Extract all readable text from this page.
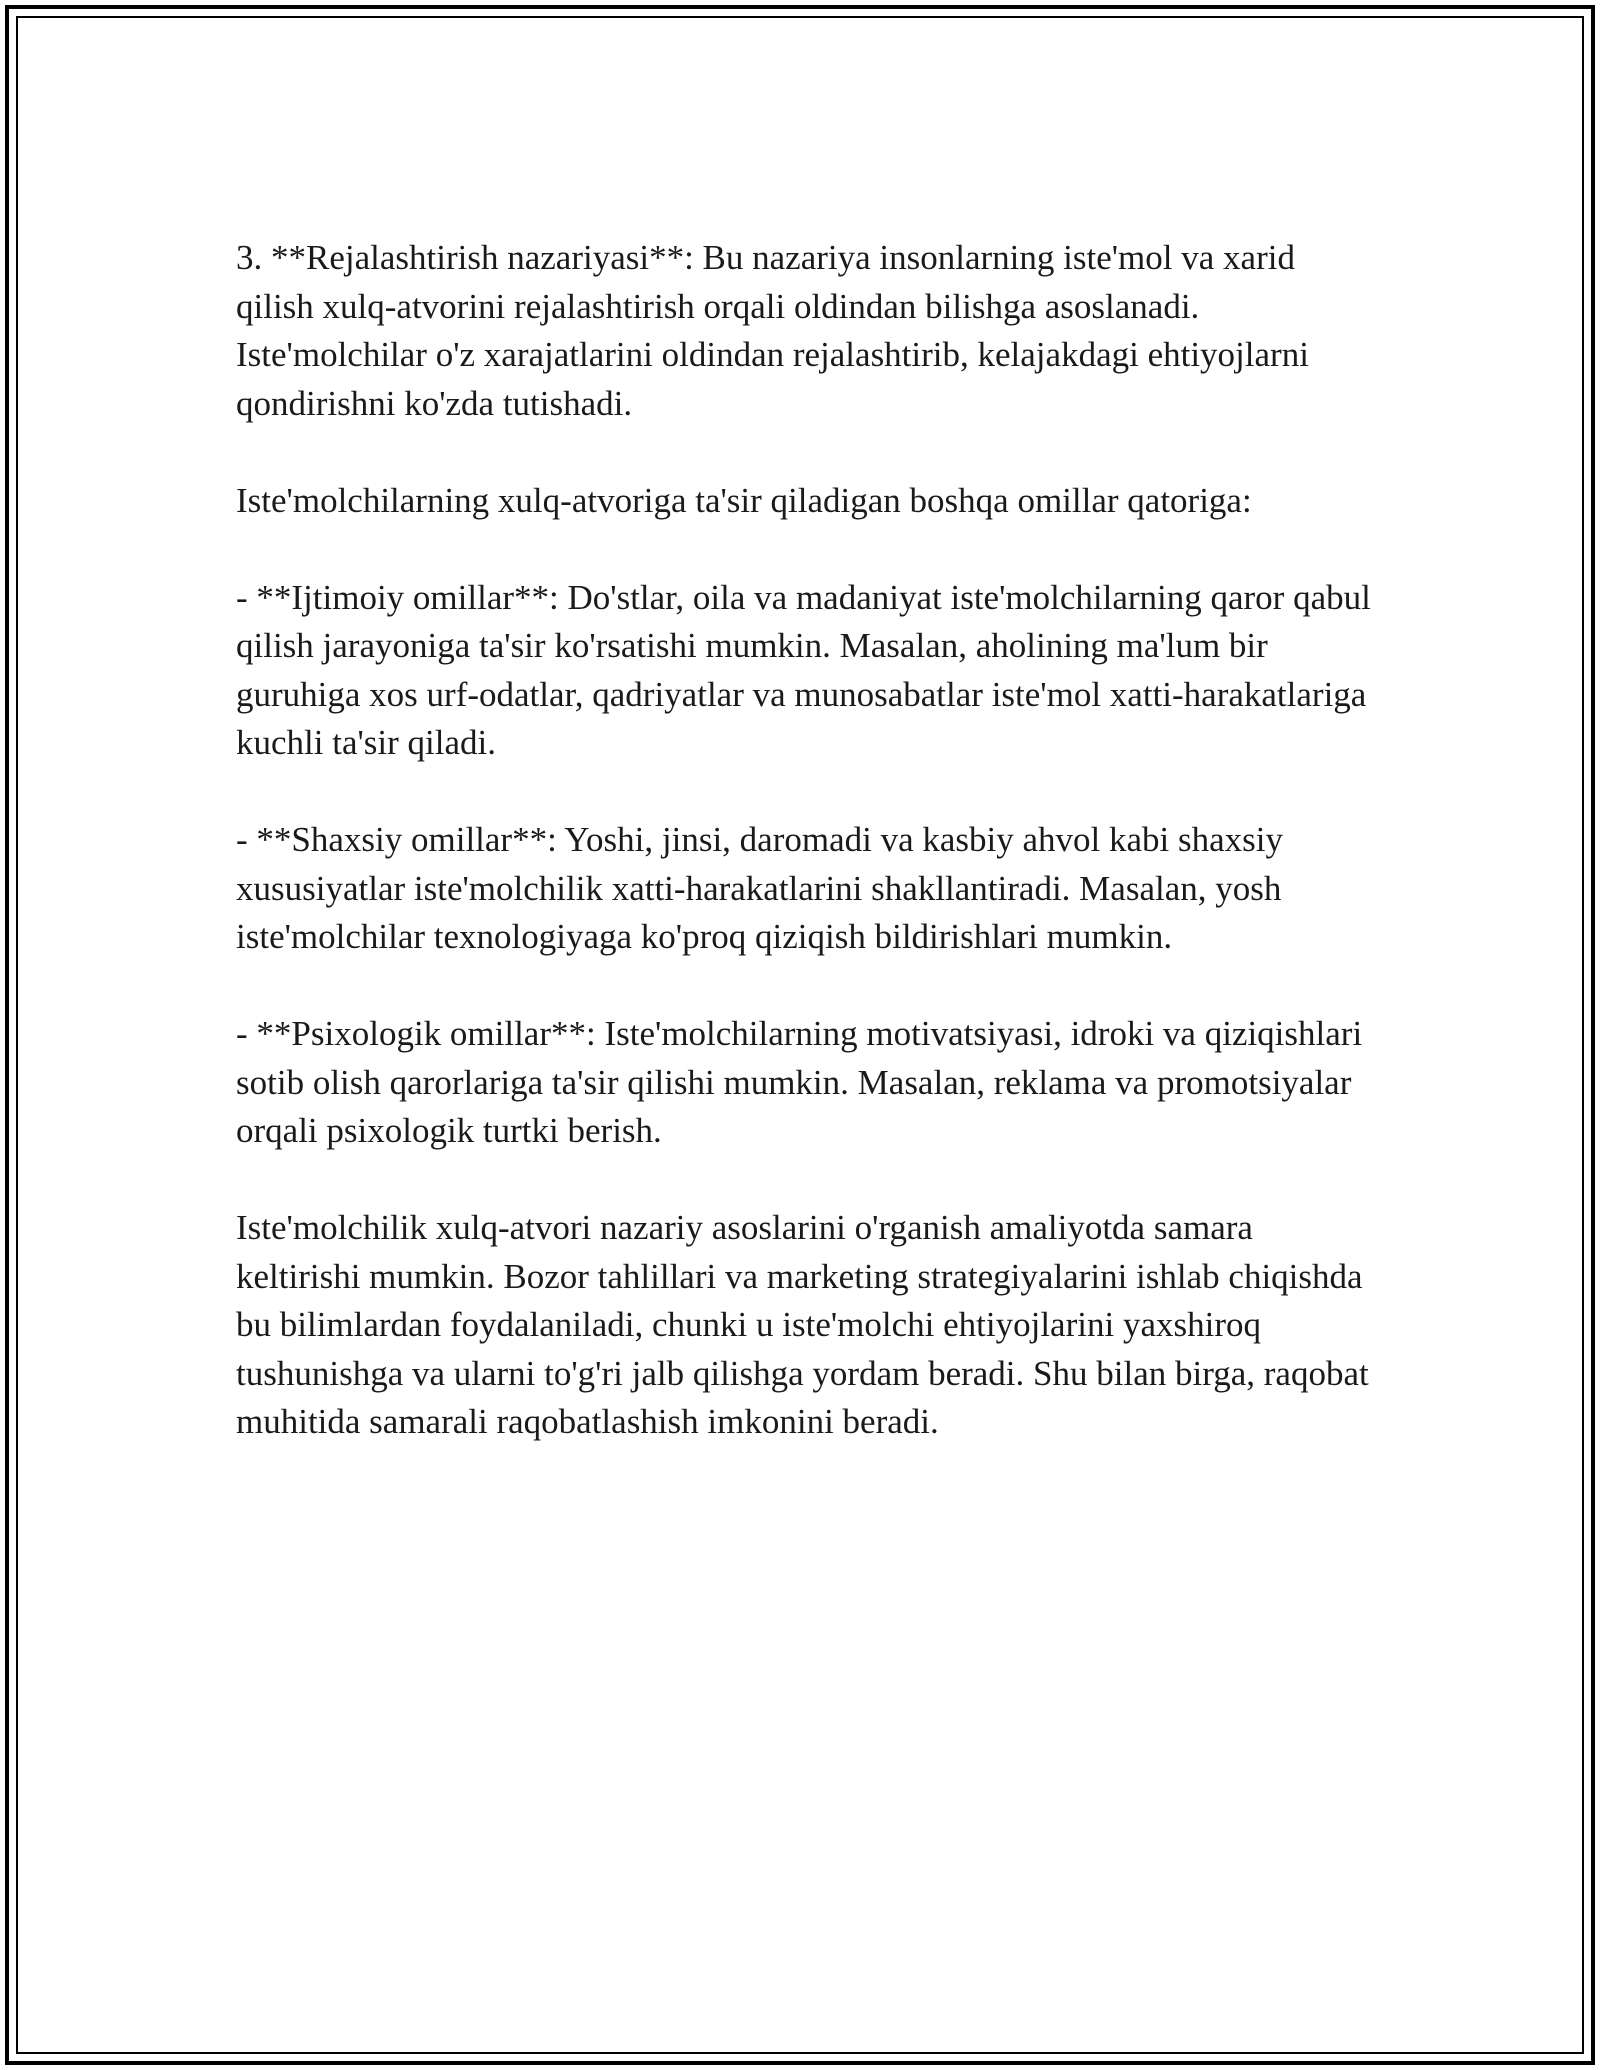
3. **Rejalashtirish nazariyasi**: Bu nazariya insonlarning iste'mol va xarid qilish xulq-atvorini rejalashtirish orqali oldindan bilishga asoslanadi. Iste'molchilar o'z xarajatlarini oldindan rejalashtirib, kelajakdagi ehtiyojlarni qondirishni ko'zda tutishadi.

Iste'molchilarning xulq-atvoriga ta'sir qiladigan boshqa omillar qatoriga:

- **Ijtimoiy omillar**: Do'stlar, oila va madaniyat iste'molchilarning qaror qabul qilish jarayoniga ta'sir ko'rsatishi mumkin. Masalan, aholining ma'lum bir guruhiga xos urf-odatlar, qadriyatlar va munosabatlar iste'mol xatti-harakatlariga kuchli ta'sir qiladi.

- **Shaxsiy omillar**: Yoshi, jinsi, daromadi va kasbiy ahvol kabi shaxsiy xususiyatlar iste'molchilik xatti-harakatlarini shakllantiradi. Masalan, yosh iste'molchilar texnologiyaga ko'proq qiziqish bildirishlari mumkin.

- **Psixologik omillar**: Iste'molchilarning motivatsiyasi, idroki va qiziqishlari sotib olish qarorlariga ta'sir qilishi mumkin. Masalan, reklama va promotsiyalar orqali psixologik turtki berish.

Iste'molchilik xulq-atvori nazariy asoslarini o'rganish amaliyotda samara keltirishi mumkin. Bozor tahlillari va marketing strategiyalarini ishlab chiqishda bu bilimlardan foydalaniladi, chunki u iste'molchi ehtiyojlarini yaxshiroq tushunishga va ularni to'g'ri jalb qilishga yordam beradi. Shu bilan birga, raqobat muhitida samarali raqobatlashish imkonini beradi.
